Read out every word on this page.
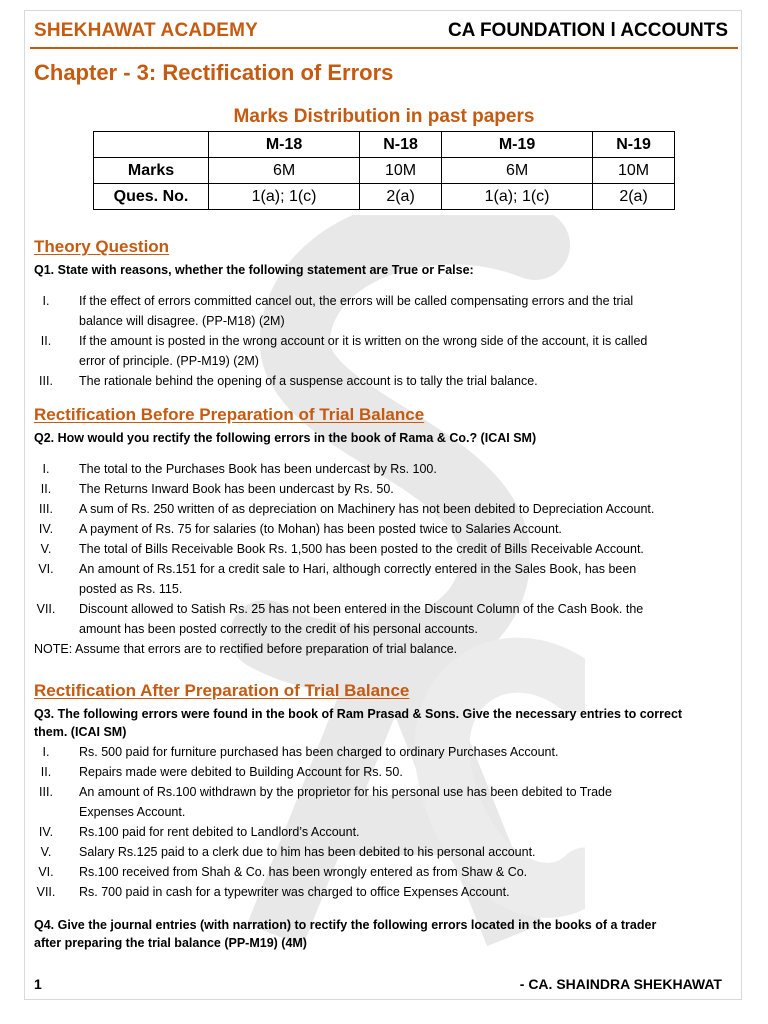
SHEKHAWAT ACADEMY	CA FOUNDATION l ACCOUNTS
Chapter - 3: Rectification of Errors
Marks Distribution in past papers
	M-18	N-18	M-19	N-19
Marks	6M	10M	6M	10M
Ques. No.	1(a); 1(c)	2(a)	1(a); 1(c)	2(a)
Theory Question
Q1. State with reasons, whether the following statement are True or False:
I.	If the effect of errors committed cancel out, the errors will be called compensating errors and the trial
balance will disagree. (PP-M18) (2M)
II.	If the amount is posted in the wrong account or it is written on the wrong side of the account, it is called
error of principle. (PP-M19) (2M)
III.	The rationale behind the opening of a suspense account is to tally the trial balance.
Rectification Before Preparation of Trial Balance
Q2. How would you rectify the following errors in the book of Rama & Co.? (ICAI SM)
I.	The total to the Purchases Book has been undercast by Rs. 100.
II.	The Returns Inward Book has been undercast by Rs. 50.
III.	A sum of Rs. 250 written of as depreciation on Machinery has not been debited to Depreciation Account.
IV.	A payment of Rs. 75 for salaries (to Mohan) has been posted twice to Salaries Account.
V.	The total of Bills Receivable Book Rs. 1,500 has been posted to the credit of Bills Receivable Account.
VI.	An amount of Rs.151 for a credit sale to Hari, although correctly entered in the Sales Book, has been
posted as Rs. 115.
VII. Discount allowed to Satish Rs. 25 has not been entered in the Discount Column of the Cash Book. the
amount has been posted correctly to the credit of his personal accounts.
NOTE: Assume that errors are to rectified before preparation of trial balance.
Rectification After Preparation of Trial Balance
Q3. The following errors were found in the book of Ram Prasad & Sons. Give the necessary entries to correct
them. (ICAI SM)
I.	Rs. 500 paid for furniture purchased has been charged to ordinary Purchases Account.
II.	Repairs made were debited to Building Account for Rs. 50.
III.	An amount of Rs.100 withdrawn by the proprietor for his personal use has been debited to Trade
Expenses Account.
IV.	Rs.100 paid for rent debited to Landlord’s Account.
V.	Salary Rs.125 paid to a clerk due to him has been debited to his personal account.
VI.	Rs.100 received from Shah & Co. has been wrongly entered as from Shaw & Co.
VII. Rs. 700 paid in cash for a typewriter was charged to office Expenses Account.
Q4. Give the journal entries (with narration) to rectify the following errors located in the books of a trader
after preparing the trial balance (PP-M19) (4M)
1	- CA. SHAINDRA SHEKHAWAT
